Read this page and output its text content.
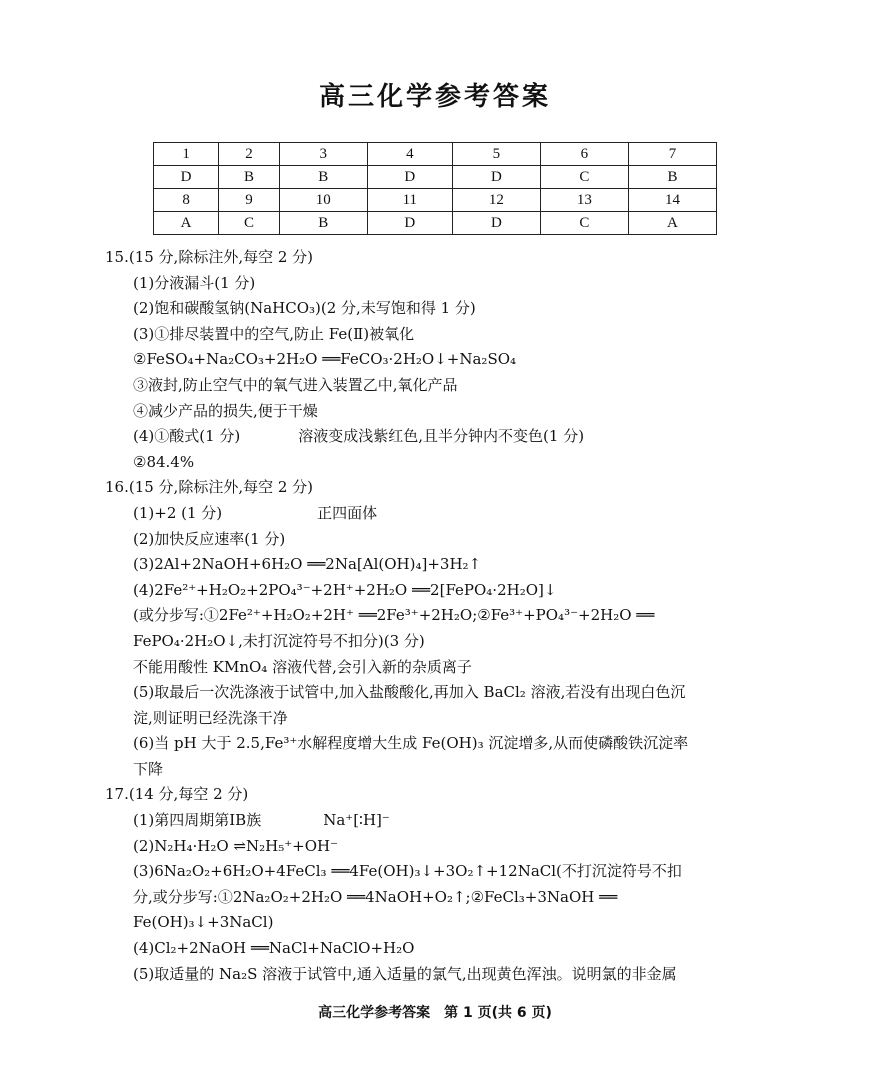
高三化学参考答案
1	2	3	4	5	6	7
D	B	B	D	D	C	B
8	9	10	11	12	13	14
A	C	B	D	D	C	A
15.(15 分,除标注外,每空 2 分)
(1)分液漏斗(1 分)
(2)饱和碳酸氢钠(NaHCO₃)(2 分,未写饱和得 1 分)
(3)①排尽装置中的空气,防止 Fe(Ⅱ)被氧化
②FeSO₄+Na₂CO₃+2H₂O ══FeCO₃·2H₂O↓+Na₂SO₄
③液封,防止空气中的氧气进入装置乙中,氧化产品
④减少产品的损失,便于干燥
(4)①酸式(1 分)	溶液变成浅紫红色,且半分钟内不变色(1 分)
②84.4%
16.(15 分,除标注外,每空 2 分)
(1)+2 (1 分)	正四面体
(2)加快反应速率(1 分)
(3)2Al+2NaOH+6H₂O ══2Na[Al(OH)₄]+3H₂↑
(4)2Fe²⁺+H₂O₂+2PO₄³⁻+2H⁺+2H₂O ══2[FePO₄·2H₂O]↓
(或分步写:①2Fe²⁺+H₂O₂+2H⁺ ══2Fe³⁺+2H₂O;②Fe³⁺+PO₄³⁻+2H₂O ══
FePO₄·2H₂O↓,未打沉淀符号不扣分)(3 分)
不能用酸性 KMnO₄ 溶液代替,会引入新的杂质离子
(5)取最后一次洗涤液于试管中,加入盐酸酸化,再加入 BaCl₂ 溶液,若没有出现白色沉
淀,则证明已经洗涤干净
(6)当 pH 大于 2.5,Fe³⁺水解程度增大生成 Fe(OH)₃ 沉淀增多,从而使磷酸铁沉淀率
下降
17.(14 分,每空 2 分)
(1)第四周期第ⅠB族	Na⁺[∶H]⁻
(2)N₂H₄·H₂O ⇌N₂H₅⁺+OH⁻
(3)6Na₂O₂+6H₂O+4FeCl₃ ══4Fe(OH)₃↓+3O₂↑+12NaCl(不打沉淀符号不扣
分,或分步写:①2Na₂O₂+2H₂O ══4NaOH+O₂↑;②FeCl₃+3NaOH ══
Fe(OH)₃↓+3NaCl)
(4)Cl₂+2NaOH ══NaCl+NaClO+H₂O
(5)取适量的 Na₂S 溶液于试管中,通入适量的氯气,出现黄色浑浊。说明氯的非金属
高三化学参考答案　第 1 页(共 6 页)
